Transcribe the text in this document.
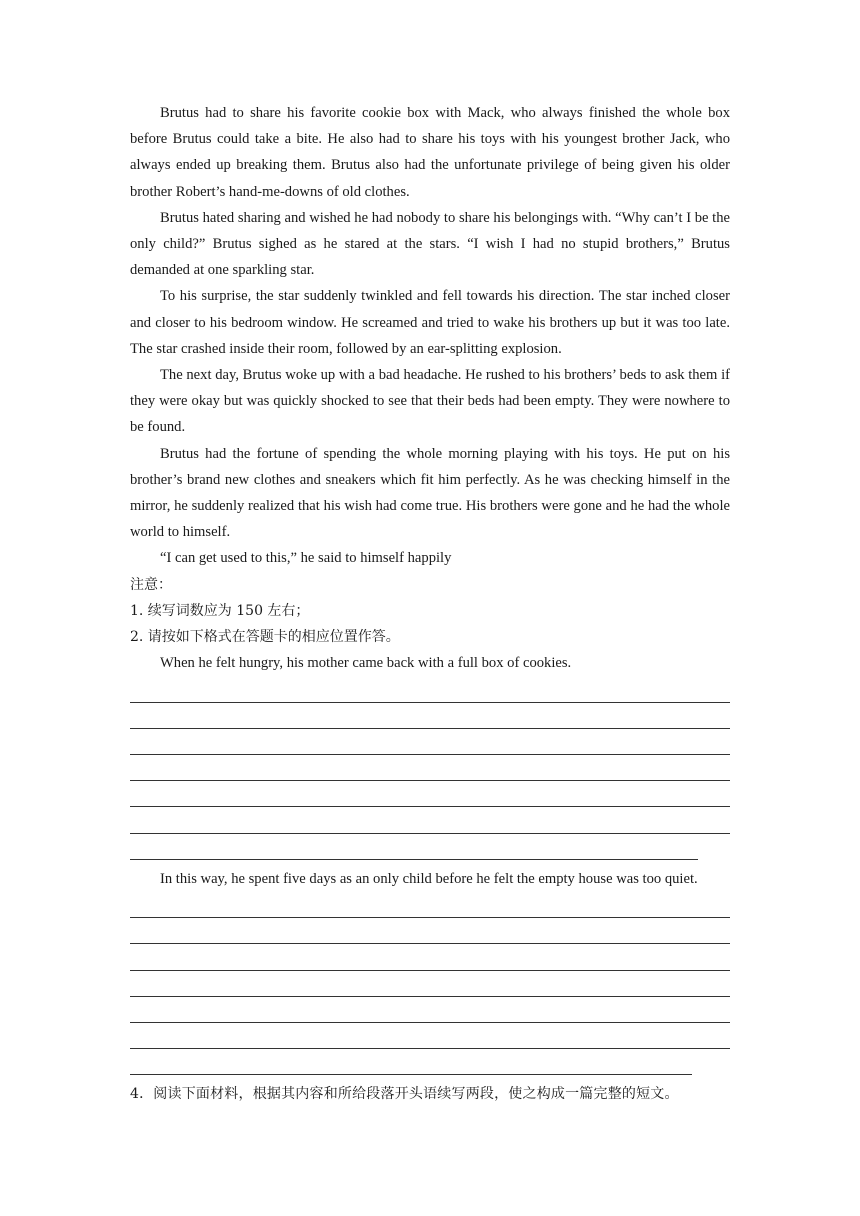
Brutus had to share his favorite cookie box with Mack, who always finished the whole box before Brutus could take a bite. He also had to share his toys with his youngest brother Jack, who always ended up breaking them. Brutus also had the unfortunate privilege of being given his older brother Robert’s hand-me-downs of old clothes.

Brutus hated sharing and wished he had nobody to share his belongings with. “Why can’t I be the only child?” Brutus sighed as he stared at the stars. “I wish I had no stupid brothers,” Brutus demanded at one sparkling star.

To his surprise, the star suddenly twinkled and fell towards his direction. The star inched closer and closer to his bedroom window. He screamed and tried to wake his brothers up but it was too late. The star crashed inside their room, followed by an ear-splitting explosion.

The next day, Brutus woke up with a bad headache. He rushed to his brothers’ beds to ask them if they were okay but was quickly shocked to see that their beds had been empty. They were nowhere to be found.

Brutus had the fortune of spending the whole morning playing with his toys. He put on his brother’s brand new clothes and sneakers which fit him perfectly. As he was checking himself in the mirror, he suddenly realized that his wish had come true. His brothers were gone and he had the whole world to himself.

“I can get used to this,” he said to himself happily

注意：

1. 续写词数应为 150 左右；

2. 请按如下格式在答题卡的相应位置作答。

When he felt hungry, his mother came back with a full box of cookies.

In this way, he spent five days as an only child before he felt the empty house was too quiet.

4．阅读下面材料，根据其内容和所给段落开头语续写两段，使之构成一篇完整的短文。
